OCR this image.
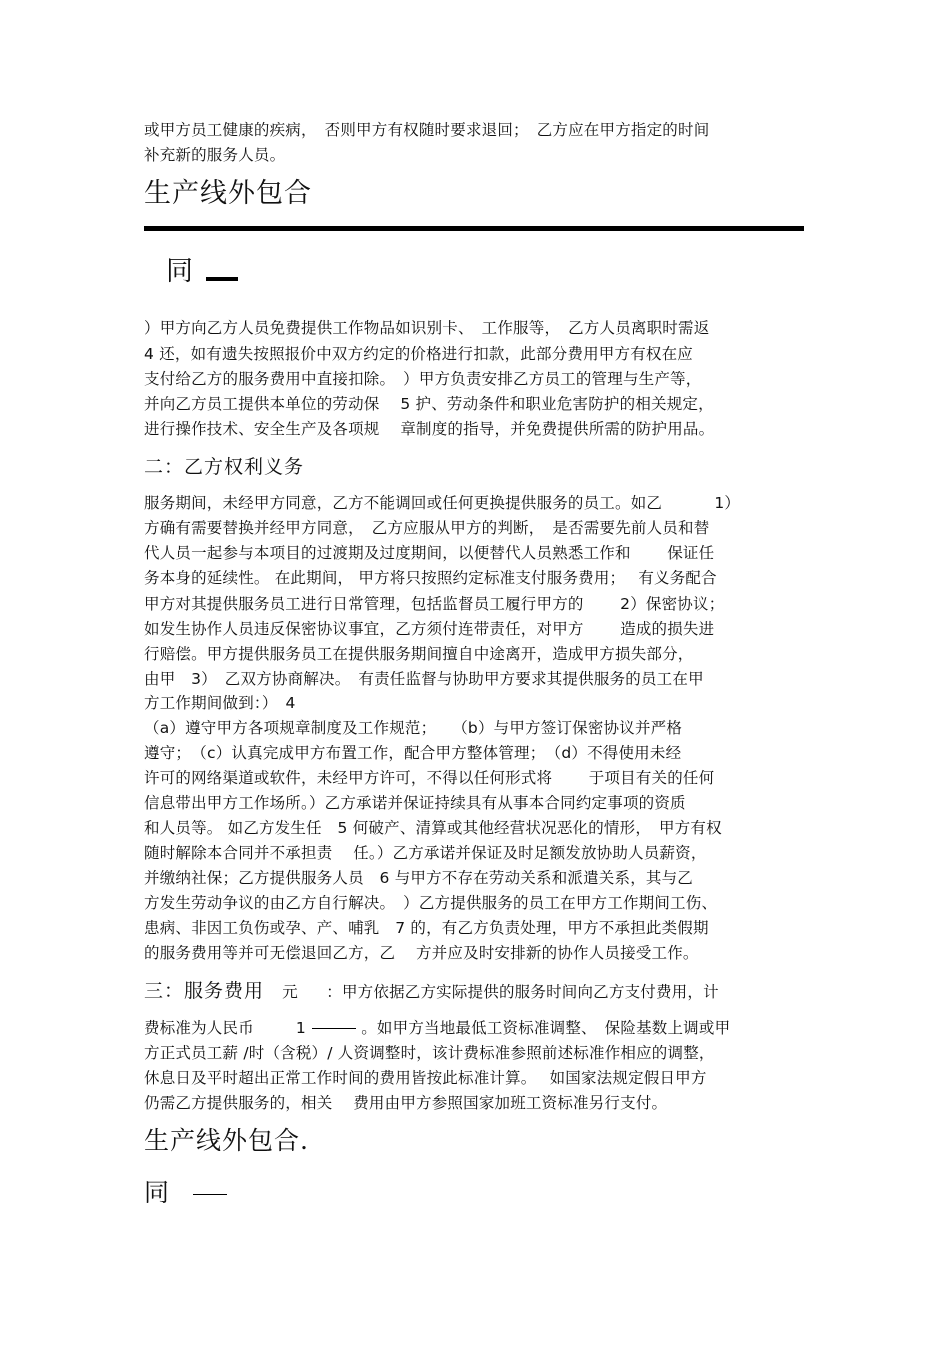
或甲方员工健康的疾病，　否则甲方有权随时要求退回；　乙方应在甲方指定的时间
补充新的服务人员。
生产线外包合
同
）甲方向乙方人员免费提供工作物品如识别卡、　工作服等，　乙方人员离职时需返
4 还，如有遗失按照报价中双方约定的价格进行扣款，此部分费用甲方有权在应
支付给乙方的服务费用中直接扣除。　）甲方负责安排乙方员工的管理与生产等，
并向乙方员工提供本单位的劳动保　 5 护、劳动条件和职业危害防护的相关规定，
进行操作技术、安全生产及各项规　 章制度的指导，并免费提供所需的防护用品。
二：乙方权利义务
服务期间，未经甲方同意，乙方不能调回或任何更换提供服务的员工。如乙　　　 1）
方确有需要替换并经甲方同意，　乙方应服从甲方的判断，　是否需要先前人员和替
代人员一起参与本项目的过渡期及过度期间，以便替代人员熟悉工作和　　 保证任
务本身的延续性。 在此期间， 甲方将只按照约定标准支付服务费用；　 有义务配合
甲方对其提供服务员工进行日常管理，包括监督员工履行甲方的　　 2）保密协议；
如发生协作人员违反保密协议事宜，乙方须付连带责任，对甲方　　 造成的损失进
行赔偿。甲方提供服务员工在提供服务期间擅自中途离开，造成甲方损失部分，
由甲　3）　乙双方协商解决。　有责任监督与协助甲方要求其提供服务的员工在甲
方工作期间做到：）　4
（a）遵守甲方各项规章制度及工作规范；　　（b）与甲方签订保密协议并严格
遵守；　（c）认真完成甲方布置工作，配合甲方整体管理；　（d）不得使用未经
许可的网络渠道或软件，未经甲方许可，不得以任何形式将　　 于项目有关的任何
信息带出甲方工作场所。）乙方承诺并保证持续具有从事本合同约定事项的资质
和人员等。 如乙方发生任　5 何破产、清算或其他经营状况恶化的情形，　甲方有权
随时解除本合同并不承担责　 任。）乙方承诺并保证及时足额发放协助人员薪资，
并缴纳社保；乙方提供服务人员　6 与甲方不存在劳动关系和派遣关系，其与乙
方发生劳动争议的由乙方自行解决。　）乙方提供服务的员工在甲方工作期间工伤、
患病、非因工负伤或孕、产、哺乳　7 的，有乙方负责处理，甲方不承担此类假期
的服务费用等并可无偿退回乙方，乙　 方并应及时安排新的协作人员接受工作。
三：服务费用 元 ：甲方依据乙方实际提供的服务时间向乙方支付费用，计
费标准为人民币　  1	。如甲方当地最低工资标准调整、　保险基数上调或甲
方正式员工薪 /时（含税）/ 人资调整时，该计费标准参照前述标准作相应的调整，
休息日及平时超出正常工作时间的费用皆按此标准计算。　 如国家法规定假日甲方
仍需乙方提供服务的，相关　 费用由甲方参照国家加班工资标准另行支付。
生产线外包合.
同
